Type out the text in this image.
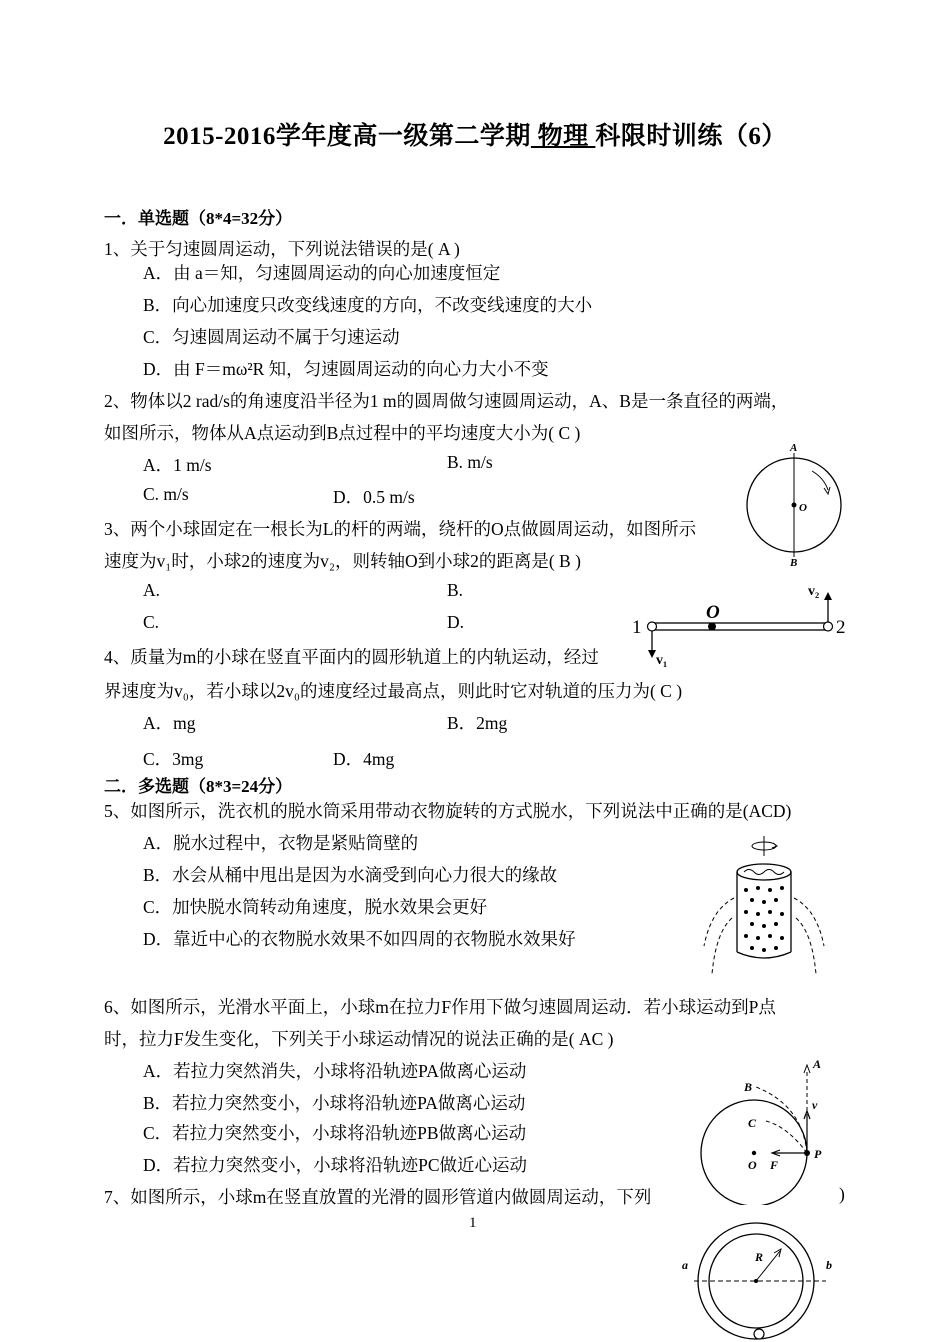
2015-2016学年度高一级第二学期 物理 科限时训练（6）
一．单选题（8*4=32分）
1、关于匀速圆周运动，下列说法错误的是( A )
A．由 a＝知，匀速圆周运动的向心加速度恒定
B．向心加速度只改变线速度的方向，不改变线速度的大小
C．匀速圆周运动不属于匀速运动
D．由 F＝mω²R 知，匀速圆周运动的向心力大小不变
2、物体以2 rad/s的角速度沿半径为1 m的圆周做匀速圆周运动，A、B是一条直径的两端，
如图所示，物体从A点运动到B点过程中的平均速度大小为( C )
A．1 m/s	B. m/s
C. m/s	D．0.5 m/s
A
O
B
3、两个小球固定在一根长为L的杆的两端，绕杆的O点做圆周运动，如图所示
速度为v₁时，小球2的速度为v₂，则转轴O到小球2的距离是( B )
A.	B.
C.	D.	O
v₂
v₁
1	2
4、质量为m的小球在竖直平面内的圆形轨道上的内轨运动，经过
界速度为v₀，若小球以2v₀的速度经过最高点，则此时它对轨道的压力为( C )
A．mg	B．2mg
C．3mg	D．4mg
二．多选题（8*3=24分）
5、如图所示，洗衣机的脱水筒采用带动衣物旋转的方式脱水，下列说法中正确的是(ACD)
A．脱水过程中，衣物是紧贴筒壁的
B．水会从桶中甩出是因为水滴受到向心力很大的缘故
C．加快脱水筒转动角速度，脱水效果会更好
D．靠近中心的衣物脱水效果不如四周的衣物脱水效果好
6、如图所示，光滑水平面上，小球m在拉力F作用下做匀速圆周运动．若小球运动到P点
时，拉力F发生变化，下列关于小球运动情况的说法正确的是( AC )
A．若拉力突然消失，小球将沿轨迹PA做离心运动
B．若拉力突然变小，小球将沿轨迹PA做离心运动
C．若拉力突然变小，小球将沿轨迹PB做离心运动
D．若拉力突然变小，小球将沿轨迹PC做近心运动
A
B
C
v
O F
P
7、如图所示，小球m在竖直放置的光滑的圆形管道内做圆周运动，下列	)
1
a	b
R
